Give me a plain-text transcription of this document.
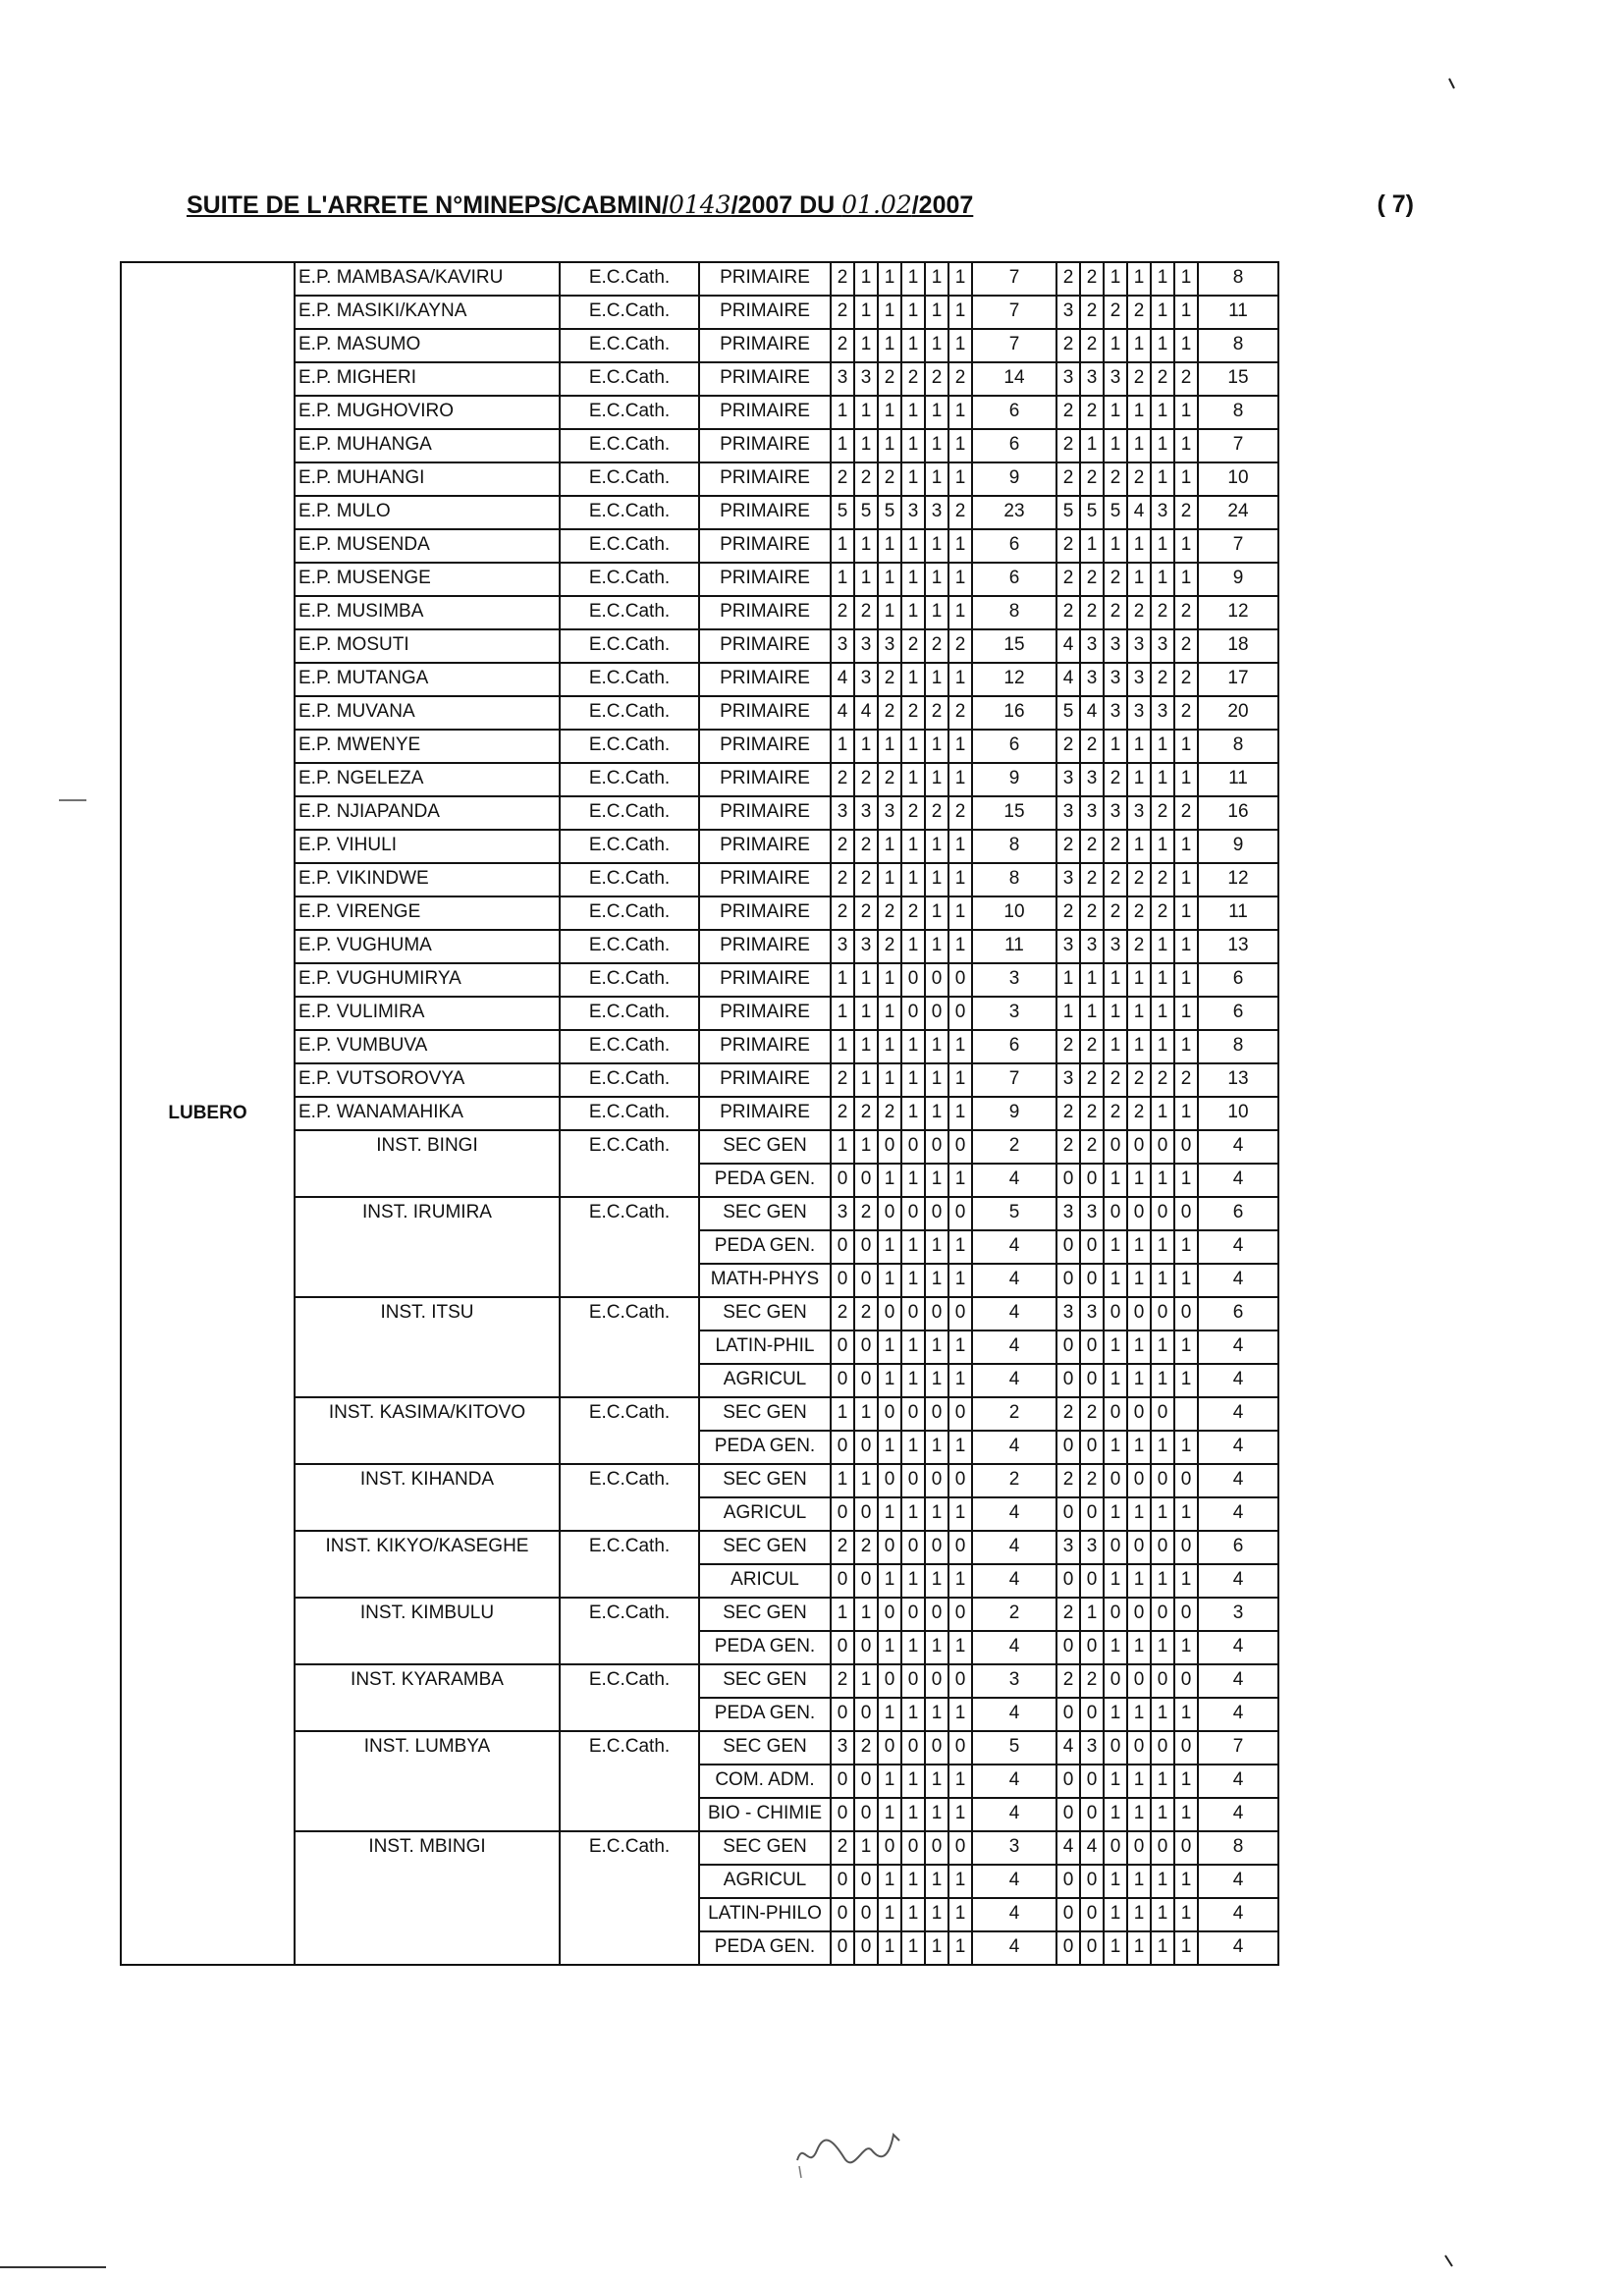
SUITE DE L'ARRETE N°MINEPS/CABMIN/0143/2007 DU 01.02/2007	( 7)
LUBERO	E.P. MAMBASA/KAVIRU	E.C.Cath.	PRIMAIRE	2	1	1	1	1	1	7	2	2	1	1	1	1	8
	E.P. MASIKI/KAYNA	E.C.Cath.	PRIMAIRE	2	1	1	1	1	1	7	3	2	2	2	1	1	11
	E.P. MASUMO	E.C.Cath.	PRIMAIRE	2	1	1	1	1	1	7	2	2	1	1	1	1	8
	E.P. MIGHERI	E.C.Cath.	PRIMAIRE	3	3	2	2	2	2	14	3	3	3	2	2	2	15
	E.P. MUGHOVIRO	E.C.Cath.	PRIMAIRE	1	1	1	1	1	1	6	2	2	1	1	1	1	8
	E.P. MUHANGA	E.C.Cath.	PRIMAIRE	1	1	1	1	1	1	6	2	1	1	1	1	1	7
	E.P. MUHANGI	E.C.Cath.	PRIMAIRE	2	2	2	1	1	1	9	2	2	2	2	1	1	10
	E.P. MULO	E.C.Cath.	PRIMAIRE	5	5	5	3	3	2	23	5	5	5	4	3	2	24
	E.P. MUSENDA	E.C.Cath.	PRIMAIRE	1	1	1	1	1	1	6	2	1	1	1	1	1	7
	E.P. MUSENGE	E.C.Cath.	PRIMAIRE	1	1	1	1	1	1	6	2	2	2	1	1	1	9
	E.P. MUSIMBA	E.C.Cath.	PRIMAIRE	2	2	1	1	1	1	8	2	2	2	2	2	2	12
	E.P. MOSUTI	E.C.Cath.	PRIMAIRE	3	3	3	2	2	2	15	4	3	3	3	3	2	18
	E.P. MUTANGA	E.C.Cath.	PRIMAIRE	4	3	2	1	1	1	12	4	3	3	3	2	2	17
	E.P. MUVANA	E.C.Cath.	PRIMAIRE	4	4	2	2	2	2	16	5	4	3	3	3	2	20
	E.P. MWENYE	E.C.Cath.	PRIMAIRE	1	1	1	1	1	1	6	2	2	1	1	1	1	8
	E.P. NGELEZA	E.C.Cath.	PRIMAIRE	2	2	2	1	1	1	9	3	3	2	1	1	1	11
	E.P. NJIAPANDA	E.C.Cath.	PRIMAIRE	3	3	3	2	2	2	15	3	3	3	3	2	2	16
	E.P. VIHULI	E.C.Cath.	PRIMAIRE	2	2	1	1	1	1	8	2	2	2	1	1	1	9
	E.P. VIKINDWE	E.C.Cath.	PRIMAIRE	2	2	1	1	1	1	8	3	2	2	2	2	1	12
	E.P. VIRENGE	E.C.Cath.	PRIMAIRE	2	2	2	2	1	1	10	2	2	2	2	2	1	11
	E.P. VUGHUMA	E.C.Cath.	PRIMAIRE	3	3	2	1	1	1	11	3	3	3	2	1	1	13
	E.P. VUGHUMIRYA	E.C.Cath.	PRIMAIRE	1	1	1	0	0	0	3	1	1	1	1	1	1	6
	E.P. VULIMIRA	E.C.Cath.	PRIMAIRE	1	1	1	0	0	0	3	1	1	1	1	1	1	6
	E.P. VUMBUVA	E.C.Cath.	PRIMAIRE	1	1	1	1	1	1	6	2	2	1	1	1	1	8
	E.P. VUTSOROVYA	E.C.Cath.	PRIMAIRE	2	1	1	1	1	1	7	3	2	2	2	2	2	13
	E.P. WANAMAHIKA	E.C.Cath.	PRIMAIRE	2	2	2	1	1	1	9	2	2	2	2	1	1	10
	INST. BINGI	E.C.Cath.	SEC GEN	1	1	0	0	0	0	2	2	2	0	0	0	0	4
			PEDA GEN.	0	0	1	1	1	1	4	0	0	1	1	1	1	4
	INST. IRUMIRA	E.C.Cath.	SEC GEN	3	2	0	0	0	0	5	3	3	0	0	0	0	6
			PEDA GEN.	0	0	1	1	1	1	4	0	0	1	1	1	1	4
			MATH-PHYS	0	0	1	1	1	1	4	0	0	1	1	1	1	4
	INST. ITSU	E.C.Cath.	SEC GEN	2	2	0	0	0	0	4	3	3	0	0	0	0	6
			LATIN-PHIL	0	0	1	1	1	1	4	0	0	1	1	1	1	4
			AGRICUL	0	0	1	1	1	1	4	0	0	1	1	1	1	4
	INST. KASIMA/KITOVO	E.C.Cath.	SEC GEN	1	1	0	0	0	0	2	2	2	0	0	0		4
			PEDA GEN.	0	0	1	1	1	1	4	0	0	1	1	1	1	4
	INST. KIHANDA	E.C.Cath.	SEC GEN	1	1	0	0	0	0	2	2	2	0	0	0	0	4
			AGRICUL	0	0	1	1	1	1	4	0	0	1	1	1	1	4
	INST. KIKYO/KASEGHE	E.C.Cath.	SEC GEN	2	2	0	0	0	0	4	3	3	0	0	0	0	6
			ARICUL	0	0	1	1	1	1	4	0	0	1	1	1	1	4
	INST. KIMBULU	E.C.Cath.	SEC GEN	1	1	0	0	0	0	2	2	1	0	0	0	0	3
			PEDA GEN.	0	0	1	1	1	1	4	0	0	1	1	1	1	4
	INST. KYARAMBA	E.C.Cath.	SEC GEN	2	1	0	0	0	0	3	2	2	0	0	0	0	4
			PEDA GEN.	0	0	1	1	1	1	4	0	0	1	1	1	1	4
	INST. LUMBYA	E.C.Cath.	SEC GEN	3	2	0	0	0	0	5	4	3	0	0	0	0	7
			COM. ADM.	0	0	1	1	1	1	4	0	0	1	1	1	1	4
			BIO - CHIMIE	0	0	1	1	1	1	4	0	0	1	1	1	1	4
	INST. MBINGI	E.C.Cath.	SEC GEN	2	1	0	0	0	0	3	4	4	0	0	0	0	8
			AGRICUL	0	0	1	1	1	1	4	0	0	1	1	1	1	4
			LATIN-PHILO	0	0	1	1	1	1	4	0	0	1	1	1	1	4
			PEDA GEN.	0	0	1	1	1	1	4	0	0	1	1	1	1	4
